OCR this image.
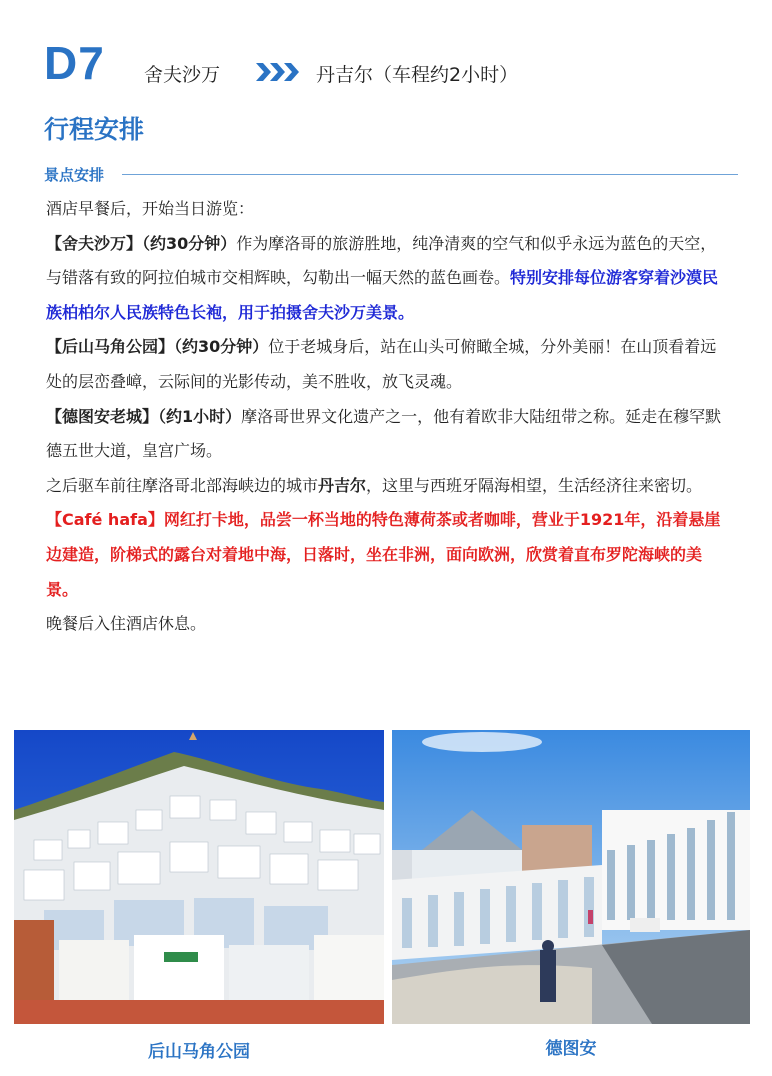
D7 舍夫沙万	丹吉尔（车程约2小时）
行程安排
景点安排

酒店早餐后，开始当日游览：

【舍夫沙万】（约30分钟）作为摩洛哥的旅游胜地，纯净清爽的空气和似乎永远为蓝色的天空，与错落有致的阿拉伯城市交相辉映，勾勒出一幅天然的蓝色画卷。特别安排每位游客穿着沙漠民族柏柏尔人民族特色长袍，用于拍摄舍夫沙万美景。

【后山马角公园】（约30分钟）位于老城身后，站在山头可俯瞰全城，分外美丽！在山顶看着远处的层峦叠嶂，云际间的光影传动，美不胜收，放飞灵魂。

【德图安老城】（约1小时）摩洛哥世界文化遗产之一，他有着欧非大陆纽带之称。延走在穆罕默德五世大道，皇宫广场。

之后驱车前往摩洛哥北部海峡边的城市丹吉尔，这里与西班牙隔海相望，生活经济往来密切。

【Café hafa】网红打卡地，品尝一杯当地的特色薄荷茶或者咖啡，营业于1921年，沿着悬崖边建造，阶梯式的露台对着地中海，日落时，坐在非洲，面向欧洲，欣赏着直布罗陀海峡的美景。

晚餐后入住酒店休息。

后山马角公园	德图安
